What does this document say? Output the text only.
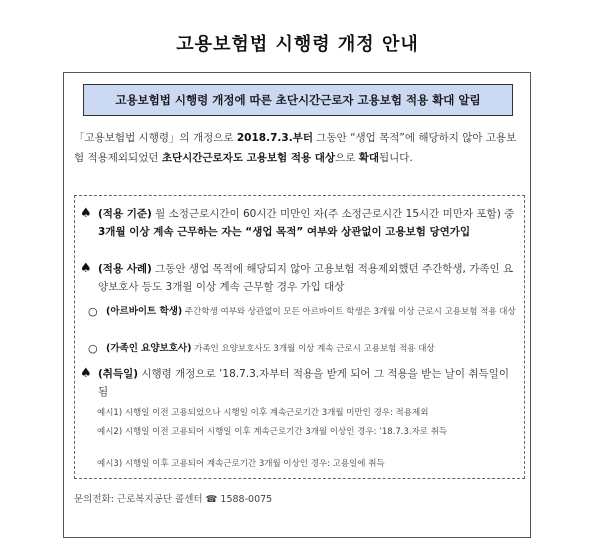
고용보험법 시행령 개정 안내
고용보험법 시행령 개정에 따른 초단시간근로자 고용보험 적용 확대 알림
「고용보험법 시행령」의 개정으로 2018.7.3.부터 그동안 “생업 목적”에 해당하지 않아 고용보험 적용제외되었던 초단시간근로자도 고용보험 적용 대상으로 확대됩니다.
♠ (적용 기준) 월 소정근로시간이 60시간 미만인 자(주 소정근로시간 15시간 미만자 포함) 중 3개월 이상 계속 근무하는 자는 “생업 목적” 여부와 상관없이 고용보험 당연가입
♠ (적용 사례) 그동안 생업 목적에 해당되지 않아 고용보험 적용제외했던 주간학생, 가족인 요양보호사 등도 3개월 이상 계속 근무할 경우 가입 대상
○ (아르바이트 학생) 주간학생 여부와 상관없이 모든 아르바이트 학생은 3개월 이상 근로시 고용보험 적용 대상
○ (가족인 요양보호사) 가족인 요양보호사도 3개월 이상 계속 근로시 고용보험 적용 대상
♠ (취득일) 시행령 개정으로 ’18.7.3.자부터 적용을 받게 되어 그 적용을 받는 날이 취득일이 됨
예시1) 시행일 이전 고용되었으나 시행일 이후 계속근로기간 3개월 미만인 경우: 적용제외
예시2) 시행일 이전 고용되어 시행일 이후 계속근로기간 3개월 이상인 경우: ’18.7.3.자로 취득
예시3) 시행일 이후 고용되어 계속근로기간 3개월 이상인 경우: 고용일에 취득
문의전화: 근로복지공단 콜센터 ☎ 1588-0075
